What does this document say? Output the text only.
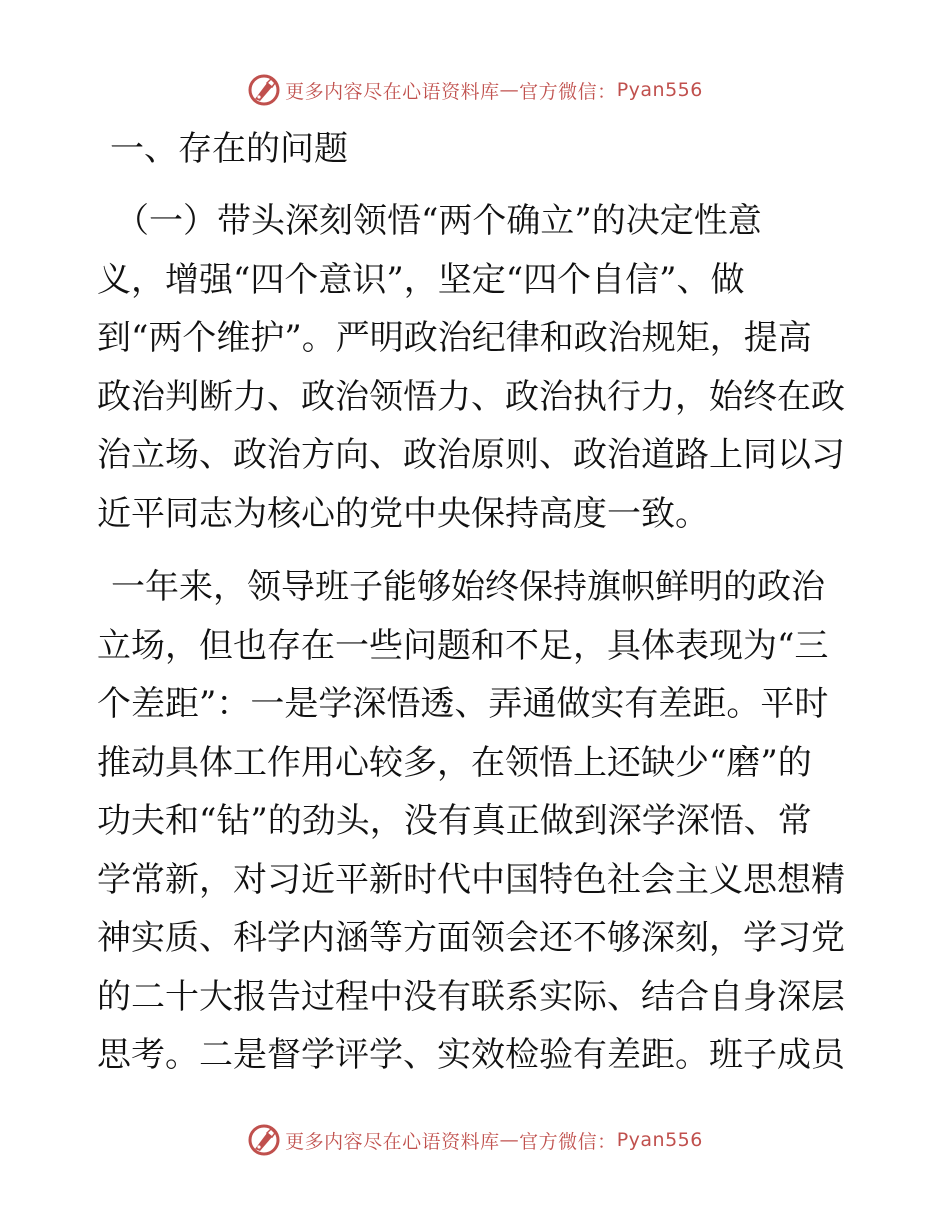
更多内容尽在心语资料库 — 官方微信： Pyan556
一、存在的问题
（一）带头深刻领悟“两个确立”的决定性意
义，增强“四个意识”，坚定“四个自信”、做
到“两个维护”。严明政治纪律和政治规矩，提高
政治判断力、政治领悟力、政治执行力，始终在政
治立场、政治方向、政治原则、政治道路上同以习
近平同志为核心的党中央保持高度一致。
一年来，领导班子能够始终保持旗帜鲜明的政治
立场，但也存在一些问题和不足，具体表现为“三
个差距”：一是学深悟透、弄通做实有差距。平时
推动具体工作用心较多，在领悟上还缺少“磨”的
功夫和“钻”的劲头，没有真正做到深学深悟、常
学常新，对习近平新时代中国特色社会主义思想精
神实质、科学内涵等方面领会还不够深刻，学习党
的二十大报告过程中没有联系实际、结合自身深层
思考。二是督学评学、实效检验有差距。班子成员
更多内容尽在心语资料库 — 官方微信： Pyan556
